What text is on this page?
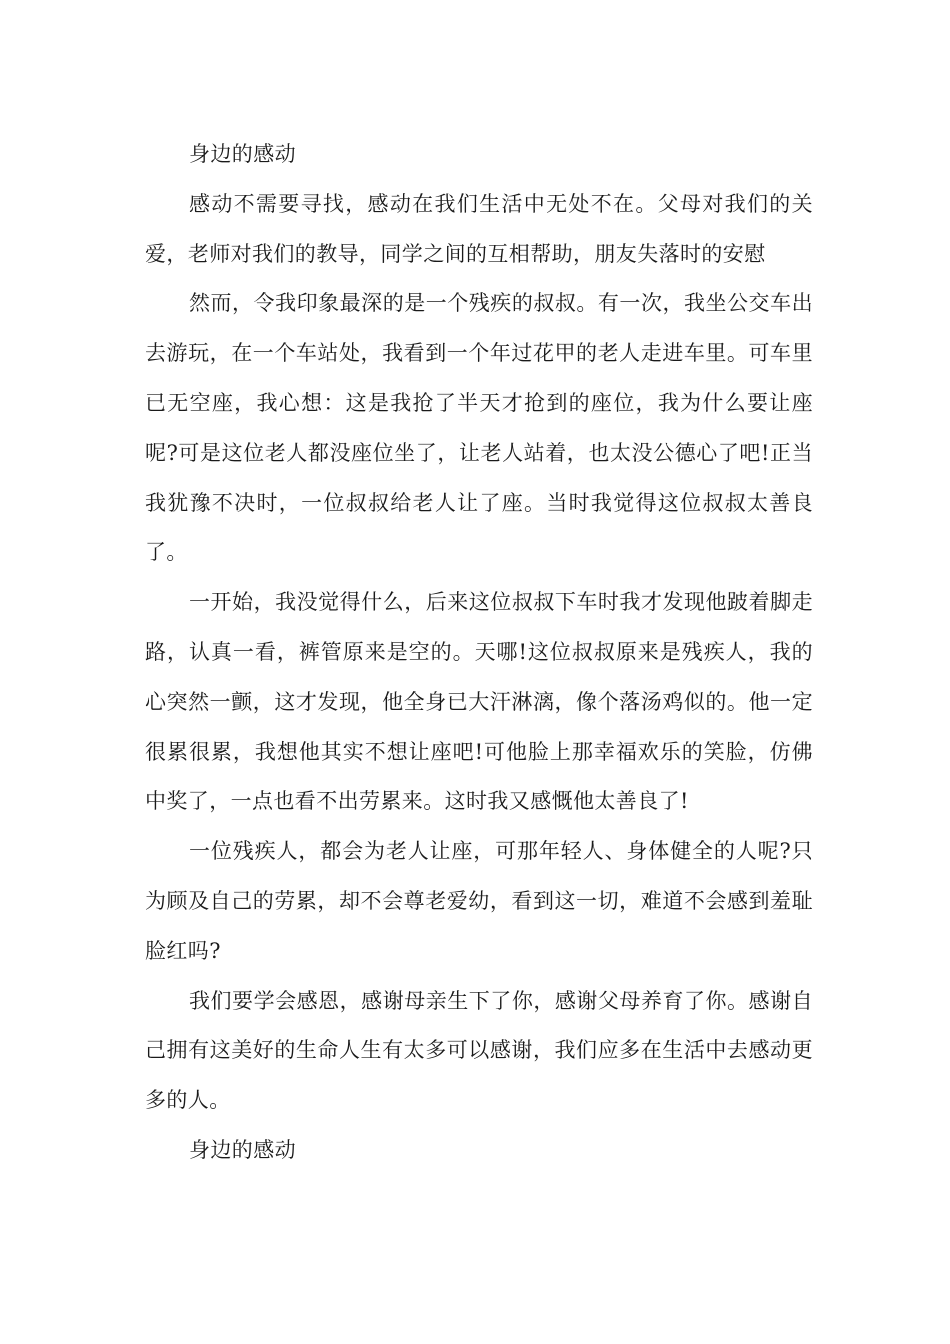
身边的感动

感动不需要寻找，感动在我们生活中无处不在。父母对我们的关爱，老师对我们的教导，同学之间的互相帮助，朋友失落时的安慰

然而，令我印象最深的是一个残疾的叔叔。有一次，我坐公交车出去游玩，在一个车站处，我看到一个年过花甲的老人走进车里。可车里已无空座，我心想：这是我抢了半天才抢到的座位，我为什么要让座呢?可是这位老人都没座位坐了，让老人站着，也太没公德心了吧!正当我犹豫不决时，一位叔叔给老人让了座。当时我觉得这位叔叔太善良了。

一开始，我没觉得什么，后来这位叔叔下车时我才发现他跛着脚走路，认真一看，裤管原来是空的。天哪!这位叔叔原来是残疾人，我的心突然一颤，这才发现，他全身已大汗淋漓，像个落汤鸡似的。他一定很累很累，我想他其实不想让座吧!可他脸上那幸福欢乐的笑脸，仿佛中奖了，一点也看不出劳累来。这时我又感慨他太善良了!

一位残疾人，都会为老人让座，可那年轻人、身体健全的人呢?只为顾及自己的劳累，却不会尊老爱幼，看到这一切，难道不会感到羞耻脸红吗?

我们要学会感恩，感谢母亲生下了你，感谢父母养育了你。感谢自己拥有这美好的生命人生有太多可以感谢，我们应多在生活中去感动更多的人。

身边的感动
